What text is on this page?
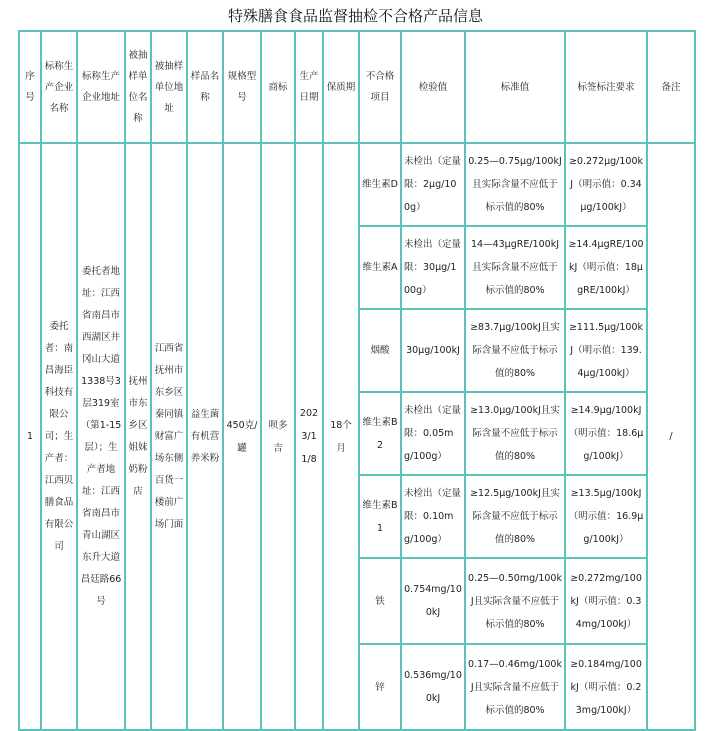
特殊膳食食品监督抽检不合格产品信息
序号	标称生产企业名称	标称生产企业地址	被抽样单位名称	被抽样单位地址	样品名称	规格型号	商标	生产日期	保质期	不合格项目	检验值	标准值	标签标注要求	备注
1	委托者：南昌海臣科技有限公司；生产者：江西贝膳食品有限公司	委托者地址：江西省南昌市西湖区井冈山大道1338号3层319室（第1-15层）；生产者地址：江西省南昌市青山湖区东升大道昌廷路66号	抚州市东乡区姐妹奶粉店	江西省抚州市东乡区秦同镇财富广场东侧百货一楼前广场门面	益生菌有机营养米粉	450克/罐	呗多吉	2023/11/8	18个月	维生素D	未检出（定量限：2μg/100g）	0.25—0.75μg/100kJ且实际含量不应低于标示值的80%	≥0.272μg/100kJ（明示值：0.34μg/100kJ）	/
										维生素A	未检出（定量限：30μg/100g）	14—43μgRE/100kJ且实际含量不应低于标示值的80%	≥14.4μgRE/100kJ（明示值：18μgRE/100kJ）	
										烟酸	30μg/100kJ	≥83.7μg/100kJ且实际含量不应低于标示值的80%	≥111.5μg/100kJ（明示值：139.4μg/100kJ）	
										维生素B2	未检出（定量限：0.05mg/100g）	≥13.0μg/100kJ且实际含量不应低于标示值的80%	≥14.9μg/100kJ（明示值：18.6μg/100kJ）	
										维生素B1	未检出（定量限：0.10mg/100g）	≥12.5μg/100kJ且实际含量不应低于标示值的80%	≥13.5μg/100kJ（明示值：16.9μg/100kJ）	
										铁	0.754mg/100kJ	0.25—0.50mg/100kJ且实际含量不应低于标示值的80%	≥0.272mg/100kJ（明示值：0.34mg/100kJ）	
										锌	0.536mg/100kJ	0.17—0.46mg/100kJ且实际含量不应低于标示值的80%	≥0.184mg/100kJ（明示值：0.23mg/100kJ）	
